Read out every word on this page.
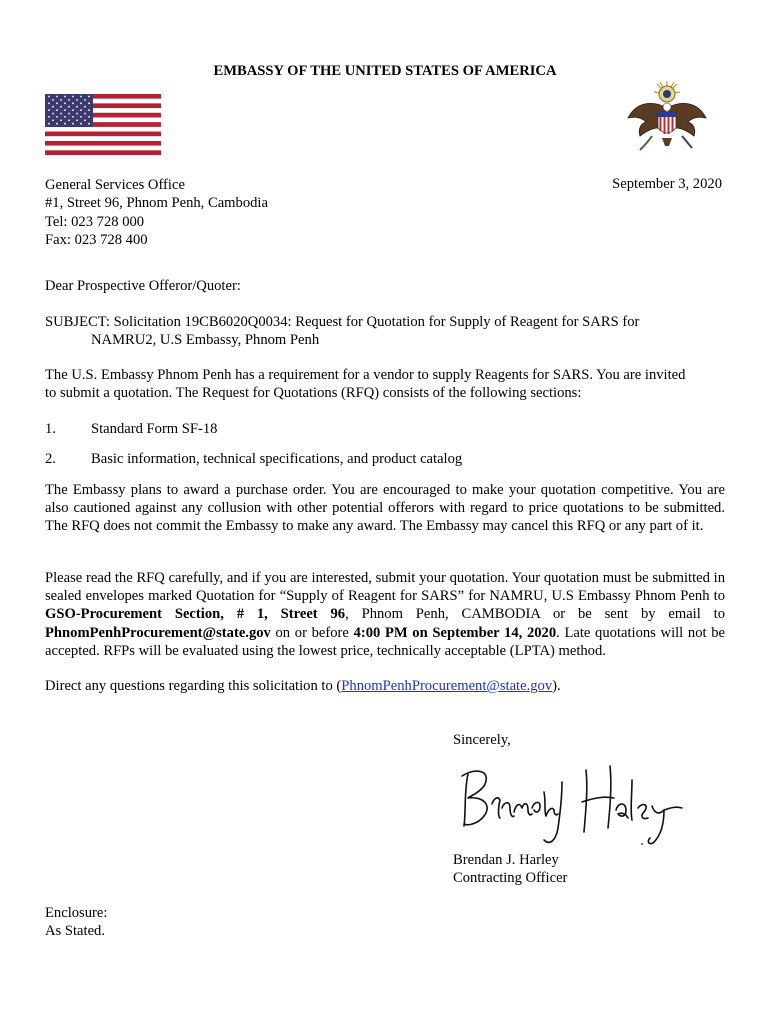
EMBASSY OF THE UNITED STATES OF AMERICA
General Services Office
#1, Street 96, Phnom Penh, Cambodia
Tel: 023 728 000
Fax: 023 728 400
September 3, 2020
Dear Prospective Offeror/Quoter:
SUBJECT: Solicitation 19CB6020Q0034: Request for Quotation for Supply of Reagent for SARS for
NAMRU2, U.S Embassy, Phnom Penh
The U.S. Embassy Phnom Penh has a requirement for a vendor to supply Reagents for SARS. You are invited
to submit a quotation. The Request for Quotations (RFQ) consists of the following sections:
1. Standard Form SF-18
2. Basic information, technical specifications, and product catalog
The Embassy plans to award a purchase order. You are encouraged to make your quotation competitive. You are also cautioned against any collusion with other potential offerors with regard to price quotations to be submitted. The RFQ does not commit the Embassy to make any award. The Embassy may cancel this RFQ or any part of it.
Please read the RFQ carefully, and if you are interested, submit your quotation. Your quotation must be submitted in sealed envelopes marked Quotation for “Supply of Reagent for SARS” for NAMRU, U.S Embassy Phnom Penh to GSO-Procurement Section, # 1, Street 96, Phnom Penh, CAMBODIA or be sent by email to PhnomPenhProcurement@state.gov on or before 4:00 PM on September 14, 2020. Late quotations will not be accepted. RFPs will be evaluated using the lowest price, technically acceptable (LPTA) method.
Direct any questions regarding this solicitation to (PhnomPenhProcurement@state.gov).
Sincerely,
Brendan J. Harley
Contracting Officer
Enclosure:
As Stated.
